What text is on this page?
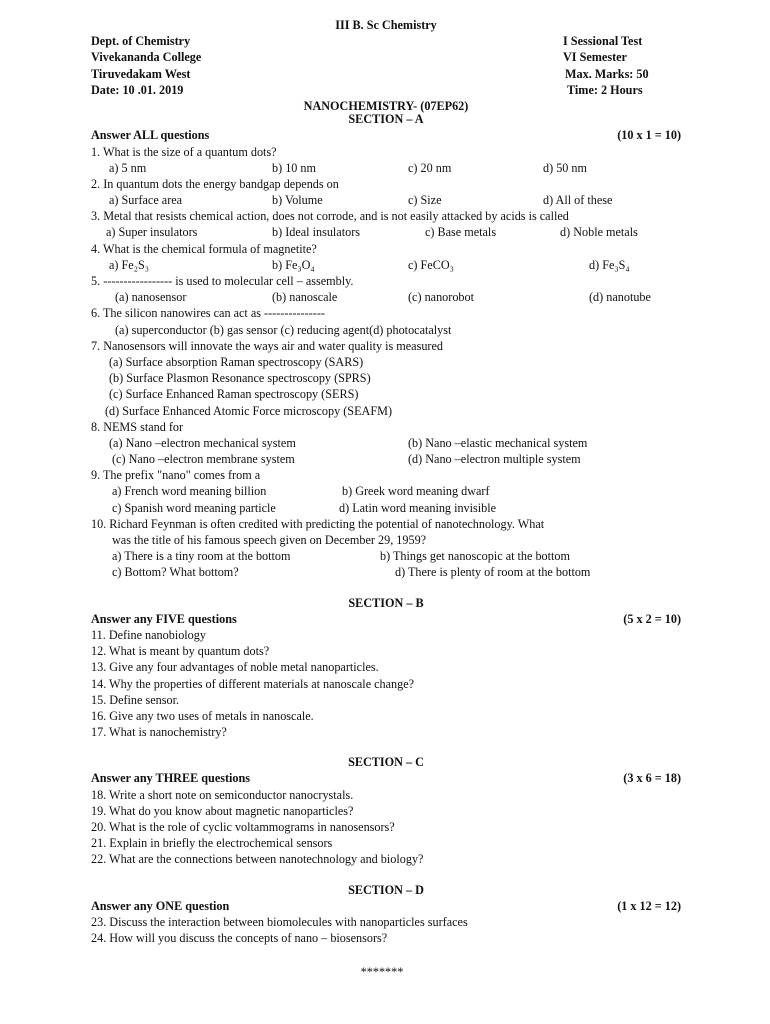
III B. Sc Chemistry
Dept. of Chemistry	I Sessional Test
Vivekananda College	VI Semester
Tiruvedakam West	Max. Marks: 50
Date: 10 .01. 2019	Time: 2 Hours
NANOCHEMISTRY- (07EP62)
SECTION – A
Answer ALL questions	(10 x 1 = 10)
1. What is the size of a quantum dots?
a) 5 nm	b) 10 nm	c) 20 nm	d) 50 nm
2. In quantum dots the energy bandgap depends on
a) Surface area	b) Volume	c) Size	d) All of these
3. Metal that resists chemical action, does not corrode, and is not easily attacked by acids is called
a) Super insulators	b) Ideal insulators	c) Base metals	d) Noble metals
4. What is the chemical formula of magnetite?
a) Fe₂S₃	b) Fe₃O₄	c) FeCO₃	d) Fe₃S₄
5. ----------------- is used to molecular cell – assembly.
(a) nanosensor	(b) nanoscale	(c) nanorobot	(d) nanotube
6. The silicon nanowires can act as ---------------
(a) superconductor (b) gas sensor (c) reducing agent(d) photocatalyst
7. Nanosensors will innovate the ways air and water quality is measured
(a) Surface absorption Raman spectroscopy (SARS)
(b) Surface Plasmon Resonance spectroscopy (SPRS)
(c) Surface Enhanced Raman spectroscopy (SERS)
(d) Surface Enhanced Atomic Force microscopy (SEAFM)
8. NEMS stand for
(a) Nano –electron mechanical system	(b) Nano –elastic mechanical system
(c) Nano –electron membrane system	(d) Nano –electron multiple system
9. The prefix "nano" comes from a
a) French word meaning billion	b) Greek word meaning dwarf
c) Spanish word meaning particle	d) Latin word meaning invisible
10. Richard Feynman is often credited with predicting the potential of nanotechnology. What
was the title of his famous speech given on December 29, 1959?
a) There is a tiny room at the bottom	b) Things get nanoscopic at the bottom
c) Bottom? What bottom?	d) There is plenty of room at the bottom
SECTION – B
Answer any FIVE questions	(5 x 2 = 10)
11. Define nanobiology
12. What is meant by quantum dots?
13. Give any four advantages of noble metal nanoparticles.
14. Why the properties of different materials at nanoscale change?
15. Define sensor.
16. Give any two uses of metals in nanoscale.
17. What is nanochemistry?
SECTION – C
Answer any THREE questions	(3 x 6 = 18)
18. Write a short note on semiconductor nanocrystals.
19. What do you know about magnetic nanoparticles?
20. What is the role of cyclic voltammograms in nanosensors?
21. Explain in briefly the electrochemical sensors
22. What are the connections between nanotechnology and biology?
SECTION – D
Answer any ONE question	(1 x 12 = 12)
23. Discuss the interaction between biomolecules with nanoparticles surfaces
24. How will you discuss the concepts of nano – biosensors?
*******
